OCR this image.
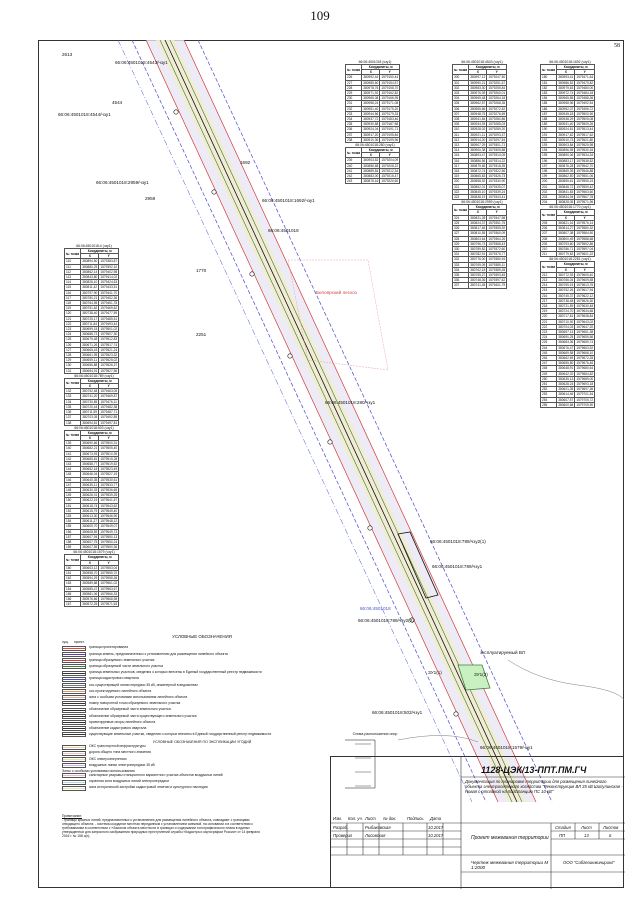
109
58
2613
66:06:4501018:4543/чзу1
66:06:4501018:4544/чзу1
4544
66:06:4501018:2959/чзу1
2959
1692
66:06:4501018:1692/чзу1
66:06:4501018
1770
Белоярский лесхоз
2251
66:06:4501018:280/чзу1
66:06:4501018:789/чзу2(1)
66:06:4501018:789/чзу1
66:06:4501018
66:06:4501018:789/чзу2(2)
эксплуатируемый ВЛ
ЗУ1(1)	ЗУ1(2)
66:06:4501018:503/чзу1
66:06:4501018:1579/чзу1
66:06:4501018 (чзу1)
№ точки	Координаты, м	
	X	Y
226	380992,44	1579150,44
227	380985,60	1579154,57
228	380978,76	1579158,70
229	380971,92	1579162,82
230	380965,08	1579166,95
231	380958,24	1579171,08
232	380951,40	1579175,20
233	380944,56	1579179,33
234	380937,72	1579183,46
235	380930,88	1579187,58
236	380924,04	1579191,71
237	380917,20	1579195,84
238	380910,36	1579199,96
66:06:4501018:280 (чзу1)
№ точки	Координаты, м	
	X	Y
239	380903,52	1579204,09
240	380896,68	1579208,22
241	380889,84	1579212,34
242	380883,00	1579216,47
243	380876,16	1579220,60
66:06:4501018:4543 (чзу1)
№ точки	Координаты, м	
	X	Y
300	380997,12	1579247,50
301	380990,21	1579251,67
302	380983,30	1579255,84
303	380976,39	1579260,01
304	380969,48	1579264,18
305	380962,57	1579268,35
306	380955,66	1579272,52
307	380948,75	1579276,69
308	380941,84	1579280,86
309	380934,93	1579285,03
310	380928,02	1579289,20
311	380921,11	1579293,37
312	380914,20	1579297,54
313	380907,29	1579301,71
314	380900,38	1579305,88
315	380893,47	1579310,05
316	380886,56	1579314,22
317	380879,65	1579318,39
318	380872,74	1579322,56
319	380865,83	1579326,73
320	380858,92	1579330,90
321	380852,01	1579335,07
322	380845,10	1579339,24
323	380838,19	1579343,41
66:06:4501018:2959 (чзу1)
№ точки	Координаты, м	
	X	Y
324	380831,28	1579347,58
325	380824,37	1579351,75
326	380817,46	1579355,92
327	380810,55	1579360,09
328	380803,64	1579364,26
329	380796,73	1579368,43
330	380789,82	1579372,60
331	380782,91	1579376,77
332	380776,00	1579380,94
333	380769,09	1579385,11
334	380762,18	1579389,28
335	380755,27	1579393,45
336	380748,36	1579397,62
337	380741,45	1579401,79
66:06:4501018:1692 (чзу1)
№ точки	Координаты, м	
	X	Y
180	380993,41	1579471,64
181	380986,52	1579475,82
182	380979,63	1579480,00
183	380972,74	1579484,18
184	380965,85	1579488,36
185	380958,96	1579492,54
186	380952,07	1579496,72
187	380945,18	1579500,90
188	380938,29	1579505,08
189	380931,40	1579509,26
190	380924,51	1579513,44
191	380917,62	1579517,62
192	380910,73	1579521,80
193	380903,84	1579525,98
194	380896,95	1579530,16
195	380890,06	1579534,34
196	380883,17	1579538,52
197	380876,28	1579542,70
198	380869,39	1579546,88
199	380862,50	1579551,06
200	380855,61	1579555,24
201	380848,72	1579559,42
202	380841,83	1579563,60
203	380834,94	1579567,78
204	380828,05	1579571,96
66:06:4501018:1770 (чзу1)
№ точки	Координаты, м	
	X	Y
205	380821,16	1579576,14
206	380814,27	1579580,32
207	380807,38	1579584,50
208	380800,49	1579588,68
209	380793,60	1579592,86
210	380786,71	1579597,04
211	380779,82	1579601,22
66:06:4501018:2251 (чзу1)
№ точки	Координаты, м	
	X	Y
212	380772,93	1579605,40
213	380766,04	1579609,58
214	380759,15	1579613,76
215	380752,26	1579617,94
216	380745,37	1579622,12
217	380738,48	1579626,30
218	380731,59	1579630,48
219	380724,70	1579634,66
220	380717,81	1579638,84
221	380710,92	1579643,02
222	380704,03	1579647,20
223	380697,14	1579651,38
224	380690,25	1579655,56
225	380683,36	1579659,74
244	380676,47	1579663,92
245	380669,58	1579668,10
246	380662,69	1579672,28
247	380655,80	1579676,46
248	380648,91	1579680,64
249	380642,02	1579684,82
250	380635,13	1579689,00
251	380628,24	1579693,18
252	380621,35	1579697,36
253	380614,46	1579701,54
254	380607,57	1579705,72
255	380600,68	1579709,90
66:06:4501018:4 (чзу1)
№ точки	Координаты, м	
	X	Y
110	380894,50	1579383,87
111	380880,25	1579392,10
112	380862,14	1579402,98
113	380843,80	1579414,02
114	380826,10	1579424,63
115	380811,42	1579433,51
116	380797,90	1579441,70
117	380780,21	1579452,36
118	380764,55	1579461,78
119	380751,62	1579469,62
120	380738,40	1579477,59
121	380725,17	1579485,51
122	380711,84	1579493,44
123	380699,15	1579501,02
124	380688,73	1579507,30
125	380679,48	1579512,83
126	380671,26	1579517,74
127	380665,43	1579521,24
128	380661,95	1579523,32
129	380659,11	1579525,02
130	380656,88	1579526,37
131	380654,91	1579527,56
66:06:4501018:789 (чзу1)
№ точки	Координаты, м	
	X	Y
132	380752,48	1579463,05
133	380741,20	1579469,87
134	380730,85	1579476,11
135	380720,44	1579482,38
136	380711,59	1579487,71
137	380703,05	1579492,85
138	380694,81	1579497,81
66:06:4501018:503 (чзу1)
№ точки	Координаты, м	
	X	Y
139	380690,66	1579500,31
140	380682,21	1579505,40
141	380673,93	1579510,39
142	380665,81	1579515,28
143	380658,77	1579519,52
144	380652,18	1579523,49
145	380646,04	1579527,19
146	380640,35	1579530,61
147	380635,11	1579533,77
148	380630,33	1579536,65
149	380626,01	1579539,25
150	380622,15	1579541,57
151	380618,74	1579543,62
152	380615,79	1579545,40
153	380613,30	1579546,90
154	380611,27	1579548,12
155	380609,70	1579549,07
156	380608,59	1579549,73
157	380607,94	1579550,13
158	380607,75	1579550,24
159	380607,55	1579550,36
66:06:4501018:1579 (чзу1)
№ точки	Координаты, м	
	X	Y
160	380603,12	1579553,04
161	380598,70	1579555,70
162	380594,29	1579558,36
163	380589,88	1579561,02
164	380585,47	1579563,67
165	380581,06	1579566,33
166	380576,66	1579568,98
167	380572,25	1579571,63
УСЛОВНЫЕ ОБОЗНАЧЕНИЯ
сущ.	проект.
граница проектирования
граница земель, предназначенных к установлению для размещения линейного объекта
граница образуемого земельного участка
граница образуемой части земельного участка
граница земельных участков, сведения о которых внесены в Единый государственный реестр недвижимости
граница кадастрового квартала
ось существующей линии передачи 35 кВ, инженерной в ведомствах
ось проектируемого линейного объекта
зона с особыми условиями использования линейного объекта
номер поворотной точки образуемого земельного участка
обозначение образуемой части земельного участка
обозначение образуемой части существующего земельного участка
проектируемые опоры линейного объекта
обозначение кадастрового квартала
существующие земельные участки, сведения о которых внесены в Единый государственный реестр недвижимости
УСЛОВНЫЕ ОБОЗНАЧЕНИЯ ПО ЭКСПЛИКАЦИИ УГОДИЙ
ОКС транспортной инфраструктуры
дорога общего типа местного значения
ОКС электроэнергетики
воздушные линии электропередачи 35 кВ
Зоны с особыми условиями использования
санитарные разрывы станционного вариантного участка объектов воздушных линий
охранная зона воздушных линий электропередачи
зона исторической застройки кадастровой отметки и культурного наследия
Примечание:
- границы красных линий, предназначенных к установлению для размещения линейного объекта, совпадают с границами отводящего объекта; - система координат местная переданным с установлением смежной, на основании и в соответствии с требованиями в соответствии с «Законом объекта местности в границах и содержании топографического плана в единых утвержденных для запросного изображения природных преступлений службы «Кадастра и картографии России» от 14 февраля 2016 г. № 158 с(п).
Схема расположения опор
1128-ЦЭК/13-ППТ.ПМ.ГЧ
Документация по планировке территории для размещения линейного объекта электросетевого хозяйства "Реконструкция ВЛ 35 кВ Шипулинская - Новая с отпайкой на подстанцию ПС 10 кВ"
Изм. Кол. уч. Лист № док.	Подпись Дата
Разраб.	Рыбаковская	10.2017
Проверил	Лисовская	10.2017	Проект межевания территории
Стадия Лист	Листов
ПП	13	6
Чертеж межевания территории М 1:2000
ООО "Сибгеоинжиниринг"
